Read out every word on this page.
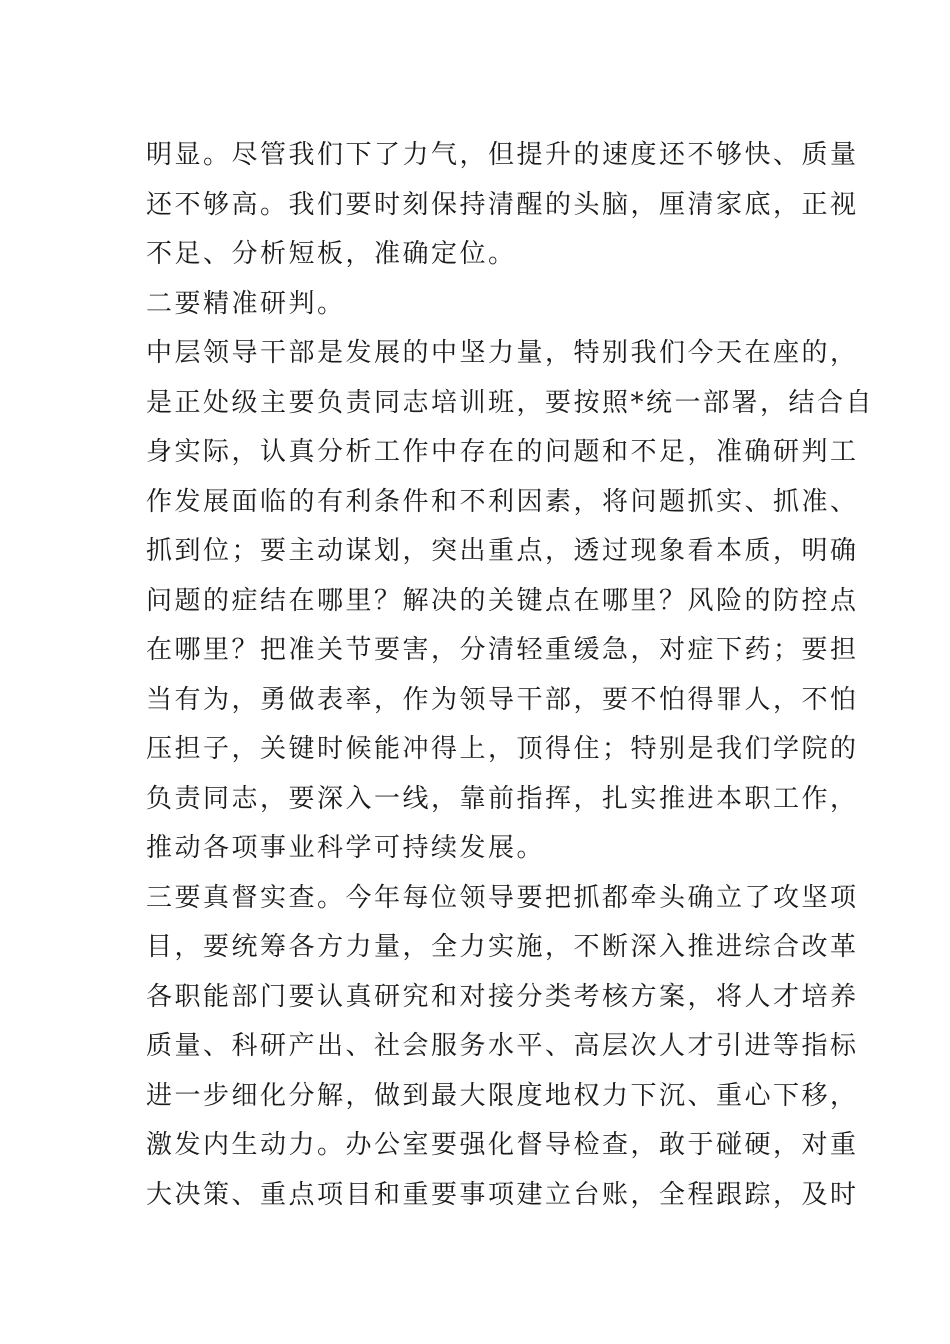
明显。尽管我们下了力气，但提升的速度还不够快、质量
还不够高。我们要时刻保持清醒的头脑，厘清家底，正视
不足、分析短板，准确定位。
二要精准研判。
中层领导干部是发展的中坚力量，特别我们今天在座的，
是正处级主要负责同志培训班，要按照*统一部署，结合自
身实际，认真分析工作中存在的问题和不足，准确研判工
作发展面临的有利条件和不利因素，将问题抓实、抓准、
抓到位；要主动谋划，突出重点，透过现象看本质，明确
问题的症结在哪里？解决的关键点在哪里？风险的防控点
在哪里？把准关节要害，分清轻重缓急，对症下药；要担
当有为，勇做表率，作为领导干部，要不怕得罪人，不怕
压担子，关键时候能冲得上，顶得住；特别是我们学院的
负责同志，要深入一线，靠前指挥，扎实推进本职工作，
推动各项事业科学可持续发展。
三要真督实查。今年每位领导要把抓都牵头确立了攻坚项
目，要统筹各方力量，全力实施，不断深入推进综合改革
各职能部门要认真研究和对接分类考核方案，将人才培养
质量、科研产出、社会服务水平、高层次人才引进等指标
进一步细化分解，做到最大限度地权力下沉、重心下移，
激发内生动力。办公室要强化督导检查，敢于碰硬，对重
大决策、重点项目和重要事项建立台账，全程跟踪，及时
